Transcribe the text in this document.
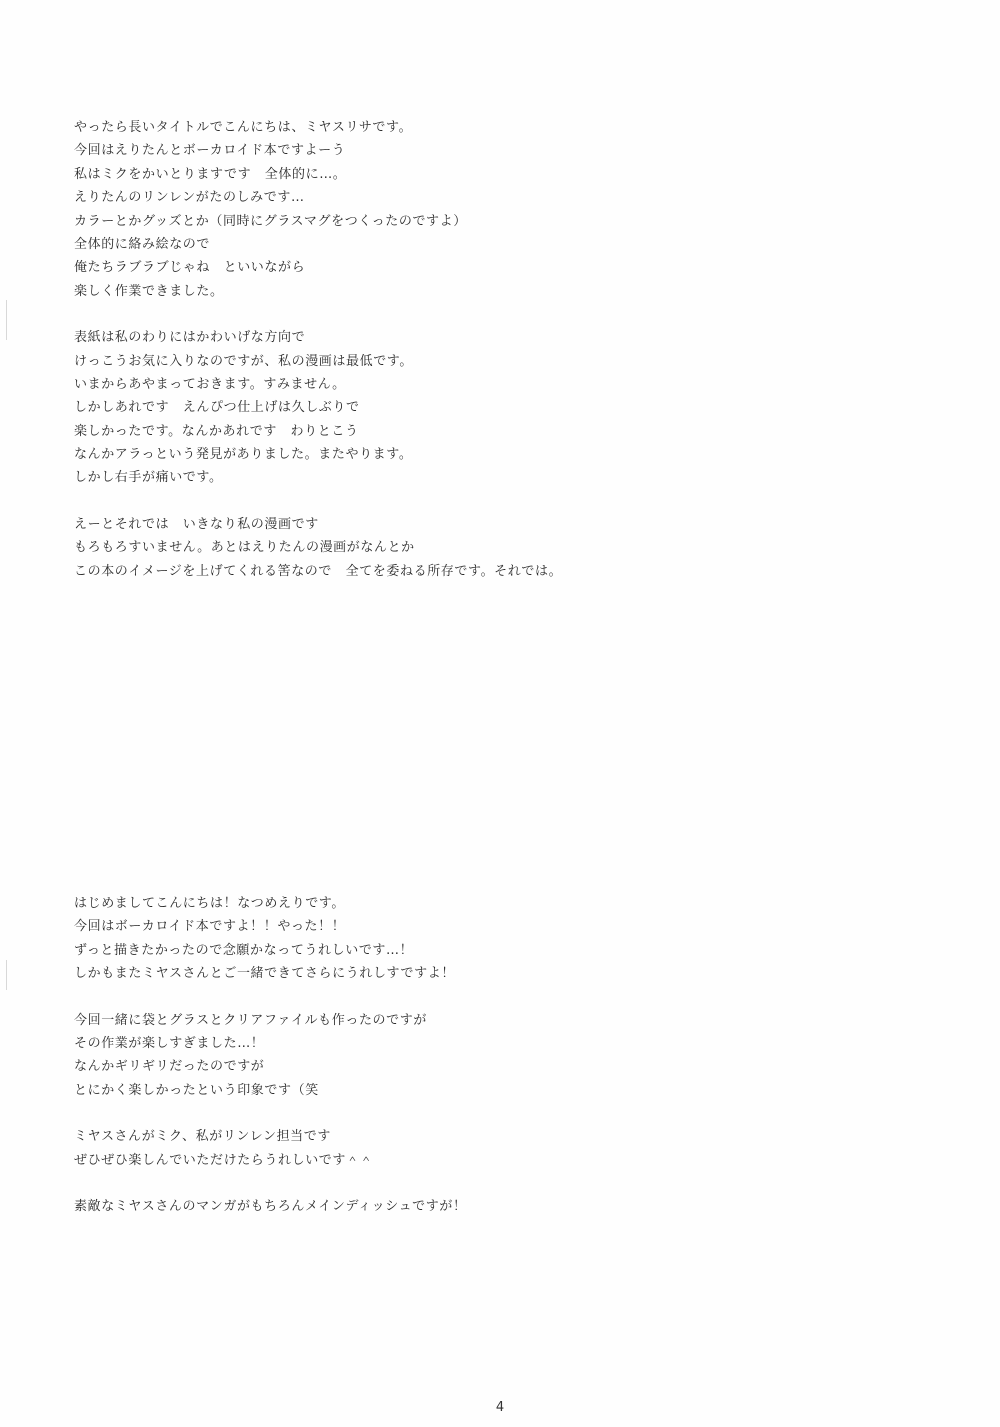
やったら長いタイトルでこんにちは、ミヤスリサです。
今回はえりたんとボーカロイド本ですよーう
私はミクをかいとりますです　全体的に…。
えりたんのリンレンがたのしみです…
カラーとかグッズとか（同時にグラスマグをつくったのですよ）
全体的に絡み絵なので
俺たちラブラブじゃね　といいながら
楽しく作業できました。
表紙は私のわりにはかわいげな方向で
けっこうお気に入りなのですが、私の漫画は最低です。
いまからあやまっておきます。すみません。
しかしあれです　えんぴつ仕上げは久しぶりで
楽しかったです。なんかあれです　わりとこう
なんかアラっという発見がありました。またやります。
しかし右手が痛いです。
えーとそれでは　いきなり私の漫画です
もろもろすいません。あとはえりたんの漫画がなんとか
この本のイメージを上げてくれる筈なので　全てを委ねる所存です。それでは。
はじめましてこんにちは！なつめえりです。
今回はボーカロイド本ですよ！！やった！！
ずっと描きたかったので念願かなってうれしいです…！
しかもまたミヤスさんとご一緒できてさらにうれしすですよ！
今回一緒に袋とグラスとクリアファイルも作ったのですが
その作業が楽しすぎました…！
なんかギリギリだったのですが
とにかく楽しかったという印象です（笑
ミヤスさんがミク、私がリンレン担当です
ぜひぜひ楽しんでいただけたらうれしいです＾＾
素敵なミヤスさんのマンガがもちろんメインディッシュですが！
4
